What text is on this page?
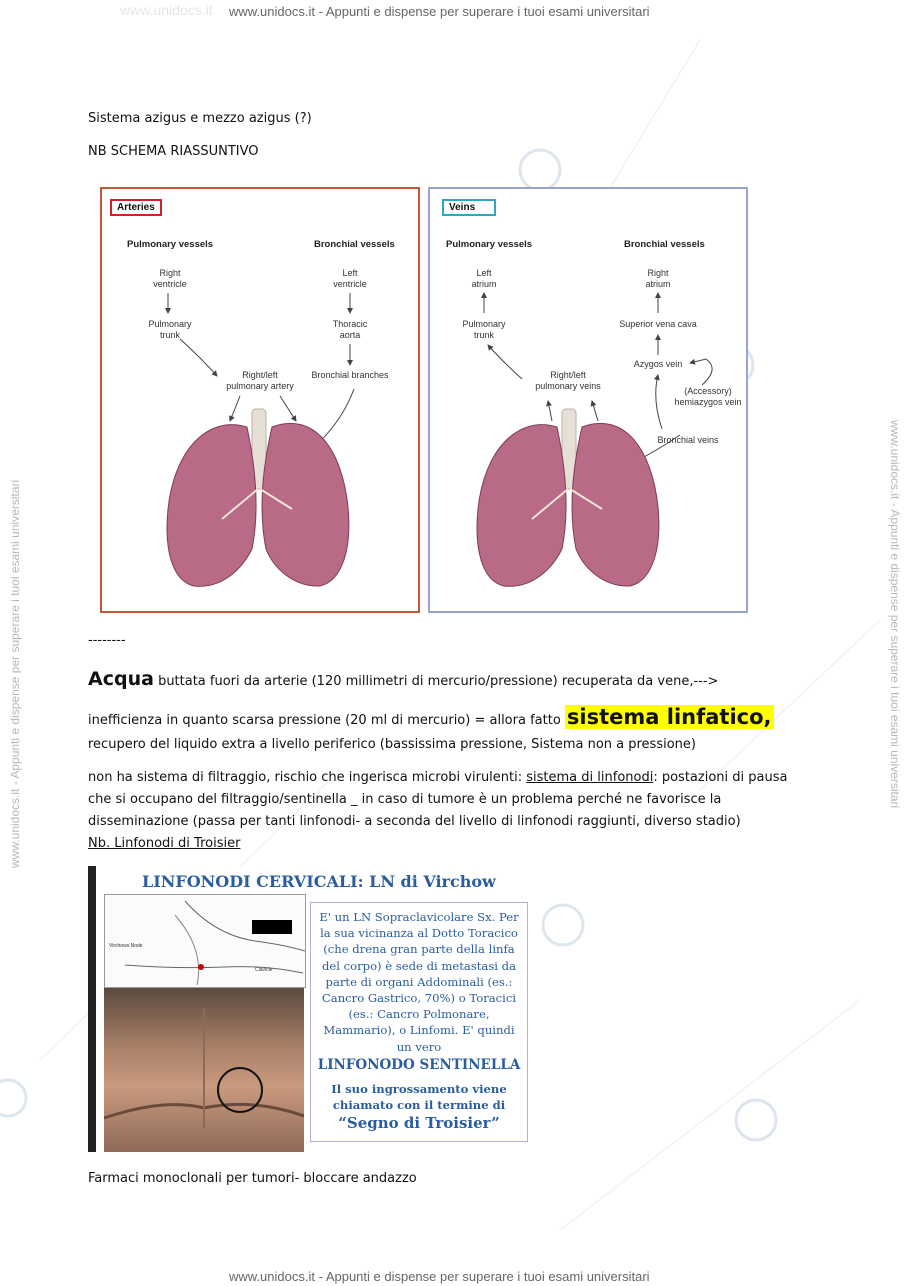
www.unidocs.it - Appunti e dispense per superare i tuoi esami universitari
www.unidocs.it
www.unidocs.it - Appunti e dispense per superare i tuoi esami universitari
www.unidocs.it - Appunti e dispense per superare i tuoi esami universitari	www.unidocs.it - Appunti e dispense per superare i tuoi esami universitari
Sistema azigus e mezzo azigus (?)
NB SCHEMA RIASSUNTIVO
Arteries
Pulmonary vessels	Bronchial vessels
Right
ventricle
Pulmonary
trunk
Left
ventricle
Thoracic
aorta
Right/left
pulmonary artery
Bronchial branches
Veins
Pulmonary vessels	Bronchial vessels
Left
atrium
Pulmonary
trunk
Right
atrium
Superior vena cava
Azygos vein
(Accessory)
hemiazygos vein
Right/left
pulmonary veins
Bronchial veins
--------
Acqua buttata fuori da arterie (120 millimetri di mercurio/pressione) recuperata da vene,--->
inefficienza in quanto scarsa pressione (20 ml di mercurio) = allora fatto sistema linfatico,
recupero del liquido extra a livello periferico (bassissima pressione, Sistema non a pressione)
non ha sistema di filtraggio, rischio che ingerisca microbi virulenti: sistema di linfonodi: postazioni di pausa
che si occupano del filtraggio/sentinella _ in caso di tumore è un problema perché ne favorisce la
disseminazione (passa per tanti linfonodi- a seconda del livello di linfonodi raggiunti, diverso stadio)
Nb. Linfonodi di Troisier
LINFONODI CERVICALI: LN di Virchow
Virchows Node
Clavicle
E' un LN Sopraclavicolare Sx. Per la sua vicinanza al Dotto Toracico (che drena gran parte della linfa del corpo) è sede di metastasi da parte di organi Addominali (es.: Cancro Gastrico, 70%) o Toracici (es.: Cancro Polmonare, Mammario), o Linfomi. E' quindi un vero
LINFONODO SENTINELLA
Il suo ingrossamento viene chiamato con il termine di
“Segno di Troisier”
Farmaci monoclonali per tumori- bloccare andazzo
